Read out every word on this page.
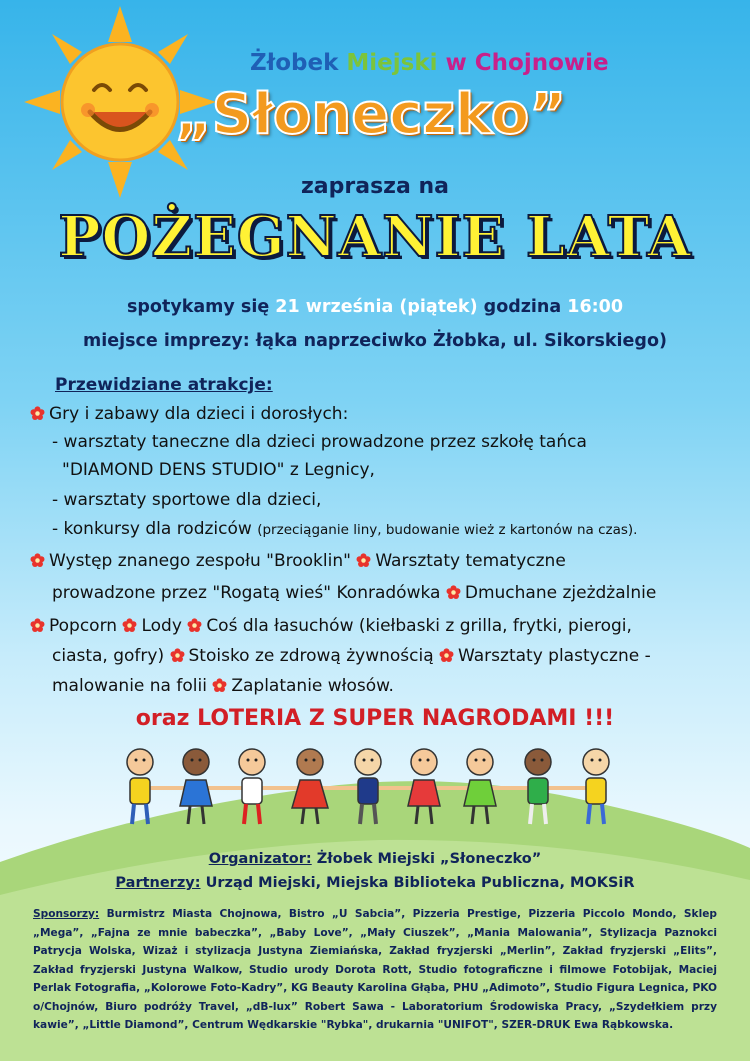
Żłobek Miejski w Chojnowie
„Słoneczko”
zaprasza na
POŻEGNANIE LATA
spotykamy się 21 września (piątek) godzina 16:00
miejsce imprezy: łąka naprzeciwko Żłobka, ul. Sikorskiego)
Przewidziane atrakcje:
Gry i zabawy dla dzieci i dorosłych:
- warsztaty taneczne dla dzieci prowadzone przez szkołę tańca
"DIAMOND DENS STUDIO" z Legnicy,
- warsztaty sportowe dla dzieci,
- konkursy dla rodziców (przeciąganie liny, budowanie wież z kartonów na czas).
Występ znanego zespołu "Brooklin" Warsztaty tematyczne
prowadzone przez "Rogatą wieś" Konradówka Dmuchane zjeżdżalnie
Popcorn Lody Coś dla łasuchów (kiełbaski z grilla, frytki, pierogi,
ciasta, gofry) Stoisko ze zdrową żywnością Warsztaty plastyczne -
malowanie na folii Zaplatanie włosów.
oraz LOTERIA Z SUPER NAGRODAMI !!!
Organizator: Żłobek Miejski „Słoneczko”
Partnerzy: Urząd Miejski, Miejska Biblioteka Publiczna, MOKSiR
Sponsorzy: Burmistrz Miasta Chojnowa, Bistro „U Sabcia”, Pizzeria Prestige, Pizzeria Piccolo Mondo, Sklep „Mega”, „Fajna ze mnie babeczka”, „Baby Love”, „Mały Ciuszek”, „Mania Malowania”, Stylizacja Paznokci Patrycja Wolska, Wizaż i stylizacja Justyna Ziemiańska, Zakład fryzjerski „Merlin”, Zakład fryzjerski „Elits”, Zakład fryzjerski Justyna Walkow, Studio urody Dorota Rott, Studio fotograficzne i filmowe Fotobijak, Maciej Perlak Fotografia, „Kolorowe Foto-Kadry”, KG Beauty Karolina Głąba, PHU „Adimoto”, Studio Figura Legnica, PKO o/Chojnów, Biuro podróży Travel, „dB-lux” Robert Sawa - Laboratorium Środowiska Pracy, „Szydełkiem przy kawie”, „Little Diamond”, Centrum Wędkarskie "Rybka", drukarnia "UNIFOT", SZER-DRUK Ewa Rąbkowska.
